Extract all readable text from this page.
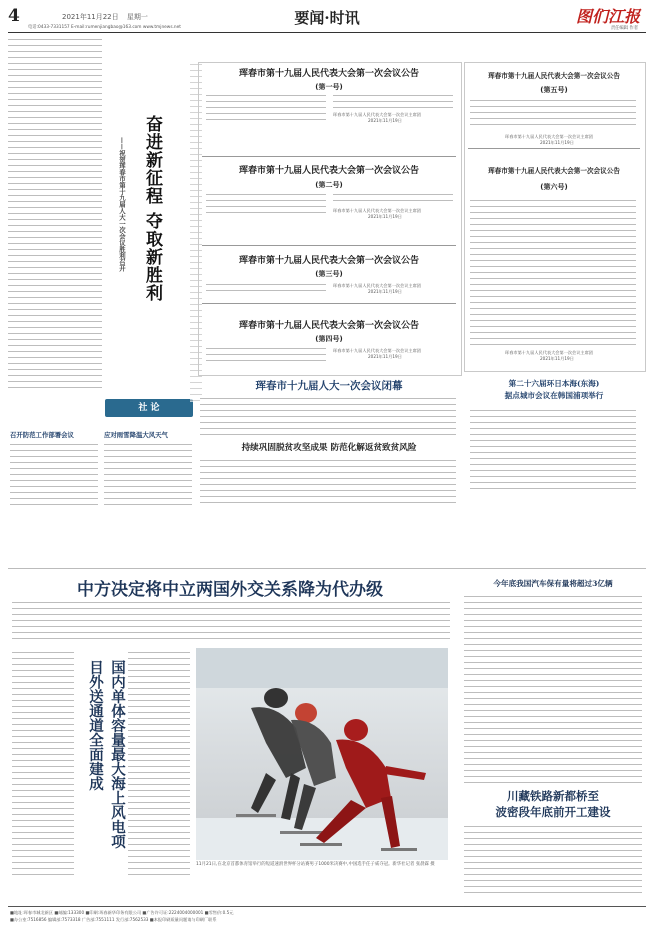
4	2021年11月22日 星期一
电话:0433-7331157 E-mail:rumenjiangbao@163.com www.tmjnews.net
要闻·时讯	图们江报
责任编辑 作者
奋进新征程 夺取新胜利
——祝贺珲春市第十九届人大一次会议胜利召开
社 论
珲春市第十九届人民代表大会第一次会议公告
(第一号)
珲春市第十九届人民代表大会第一次会议主席团
2021年11月19日
珲春市第十九届人民代表大会第一次会议公告
(第二号)
珲春市第十九届人民代表大会第一次会议主席团
2021年11月19日
珲春市第十九届人民代表大会第一次会议公告
(第三号)
珲春市第十九届人民代表大会第一次会议主席团
2021年11月19日
珲春市第十九届人民代表大会第一次会议公告
(第四号)
珲春市第十九届人民代表大会第一次会议主席团
2021年11月19日
珲春市第十九届人民代表大会第一次会议公告
(第五号)
珲春市第十九届人民代表大会第一次会议主席团
2021年11月19日
珲春市第十九届人民代表大会第一次会议公告
(第六号)
珲春市第十九届人民代表大会第一次会议主席团
2021年11月19日
珲春市十九届人大一次会议闭幕
持续巩固脱贫攻坚成果 防范化解返贫致贫风险
第二十六届环日本海(东海)
据点城市会议在韩国浦项举行
召开防范工作部署会议	应对雨雪降温大风天气
中方决定将中立两国外交关系降为代办级
国内单体容量最大海上风电项目外送通道全面建成
11月21日,在北京首都体育馆举行的短道速滑世界杯分站赛男子1000米决赛中,中国选手任子威夺冠。新华社记者 张晨霖 摄
今年底我国汽车保有量将超过3亿辆
川藏铁路新都桥至
波密段年底前开工建设
■地址:珲春市城北新区 ■邮编:133300 ■印刷:珲春新华印务有限公司 ■广告许可证:2224004000001 ■零售价:0.5元
■办公室:7516856 编辑部:7573318 广告部:7551111 发行部:7562533 ■本报印刷质量问题请与印刷厂联系
